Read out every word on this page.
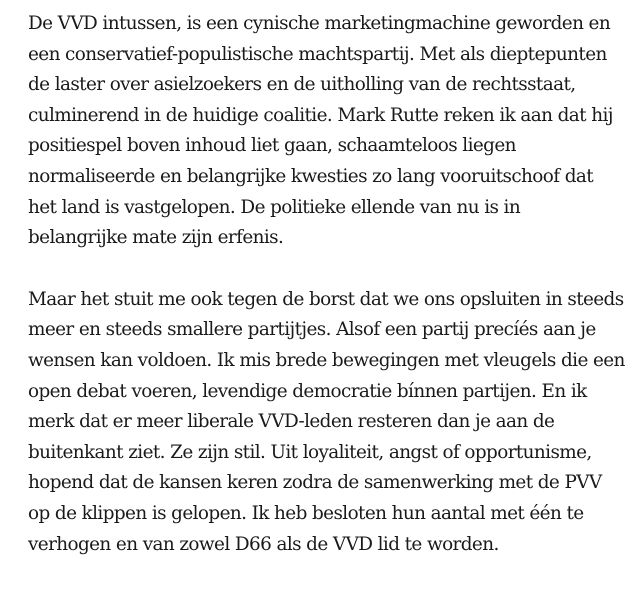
De VVD intussen, is een cynische marketingmachine geworden en
een conservatief-populistische machtspartij. Met als dieptepunten
de laster over asielzoekers en de uitholling van de rechtsstaat,
culminerend in de huidige coalitie. Mark Rutte reken ik aan dat hij
positiespel boven inhoud liet gaan, schaamteloos liegen
normaliseerde en belangrijke kwesties zo lang vooruitschoof dat
het land is vastgelopen. De politieke ellende van nu is in
belangrijke mate zijn erfenis.

Maar het stuit me ook tegen de borst dat we ons opsluiten in steeds
meer en steeds smallere partijtjes. Alsof een partij precíés aan je
wensen kan voldoen. Ik mis brede bewegingen met vleugels die een
open debat voeren, levendige democratie bínnen partijen. En ik
merk dat er meer liberale VVD-leden resteren dan je aan de
buitenkant ziet. Ze zijn stil. Uit loyaliteit, angst of opportunisme,
hopend dat de kansen keren zodra de samenwerking met de PVV
op de klippen is gelopen. Ik heb besloten hun aantal met één te
verhogen en van zowel D66 als de VVD lid te worden.
